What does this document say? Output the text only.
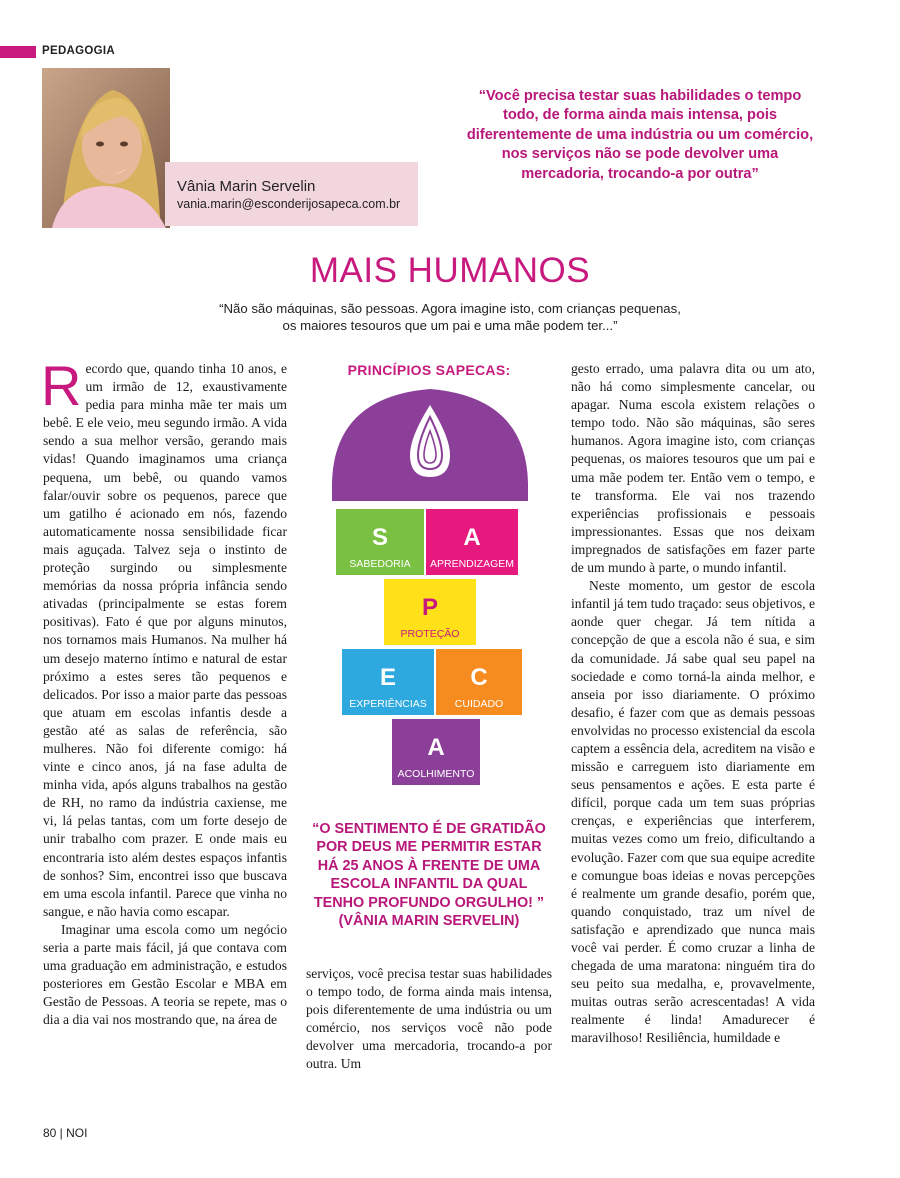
PEDAGOGIA
Vânia Marin Servelin
vania.marin@esconderijosapeca.com.br
“Você precisa testar suas habilidades o tempo todo, de forma ainda mais intensa, pois diferentemente de uma indústria ou um comércio, nos serviços não se pode devolver uma mercadoria, trocando-a por outra”
MAIS HUMANOS
“Não são máquinas, são pessoas. Agora imagine isto, com crianças pequenas,
os maiores tesouros que um pai e uma mãe podem ter...”

Recordo que, quando tinha 10 anos, e um irmão de 12, exaustivamente pedia para minha mãe ter mais um bebê. E ele veio, meu segundo irmão. A vida sendo a sua melhor versão, gerando mais vidas! Quando imaginamos uma criança pequena, um bebê, ou quando vamos falar/ouvir sobre os pequenos, parece que um gatilho é acionado em nós, fazendo automaticamente nossa sensibilidade ficar mais aguçada. Talvez seja o instinto de proteção surgindo ou simplesmente memórias da nossa própria infância sendo ativadas (principalmente se estas forem positivas). Fato é que por alguns minutos, nos tornamos mais Humanos. Na mulher há um desejo materno íntimo e natural de estar próximo a estes seres tão pequenos e delicados. Por isso a maior parte das pessoas que atuam em escolas infantis desde a gestão até as salas de referência, são mulheres. Não foi diferente comigo: há vinte e cinco anos, já na fase adulta de minha vida, após alguns trabalhos na gestão de RH, no ramo da indústria caxiense, me vi, lá pelas tantas, com um forte desejo de unir trabalho com prazer. E onde mais eu encontraria isto além destes espaços infantis de sonhos? Sim, encontrei isso que buscava em uma escola infantil. Parece que vinha no sangue, e não havia como escapar.

Imaginar uma escola como um negócio seria a parte mais fácil, já que contava com uma graduação em administração, e estudos posteriores em Gestão Escolar e MBA em Gestão de Pessoas. A teoria se repete, mas o dia a dia vai nos mostrando que, na área de

PRINCÍPIOS SAPECAS:
S
SABEDORIA
A
APRENDIZAGEM
P
PROTEÇÃO
E
EXPERIÊNCIAS
C
CUIDADO
A
ACOLHIMENTO
“O SENTIMENTO É DE GRATIDÃO POR DEUS ME PERMITIR ESTAR HÁ 25 ANOS À FRENTE DE UMA ESCOLA INFANTIL DA QUAL TENHO PROFUNDO ORGULHO! ” (VÂNIA MARIN SERVELIN)

serviços, você precisa testar suas habilidades o tempo todo, de forma ainda mais intensa, pois diferentemente de uma indústria ou um comércio, nos serviços você não pode devolver uma mercadoria, trocando-a por outra. Um

gesto errado, uma palavra dita ou um ato, não há como simplesmente cancelar, ou apagar. Numa escola existem relações o tempo todo. Não são máquinas, são seres humanos. Agora imagine isto, com crianças pequenas, os maiores tesouros que um pai e uma mãe podem ter. Então vem o tempo, e te transforma. Ele vai nos trazendo experiências profissionais e pessoais impressionantes. Essas que nos deixam impregnados de satisfações em fazer parte de um mundo à parte, o mundo infantil.

Neste momento, um gestor de escola infantil já tem tudo traçado: seus objetivos, e aonde quer chegar. Já tem nítida a concepção de que a escola não é sua, e sim da comunidade. Já sabe qual seu papel na sociedade e como torná-la ainda melhor, e anseia por isso diariamente. O próximo desafio, é fazer com que as demais pessoas envolvidas no processo existencial da escola captem a essência dela, acreditem na visão e missão e carreguem isto diariamente em seus pensamentos e ações. E esta parte é difícil, porque cada um tem suas próprias crenças, e experiências que interferem, muitas vezes como um freio, dificultando a evolução. Fazer com que sua equipe acredite e comungue boas ideias e novas percepções é realmente um grande desafio, porém que, quando conquistado, traz um nível de satisfação e aprendizado que nunca mais você vai perder. É como cruzar a linha de chegada de uma maratona: ninguém tira do seu peito sua medalha, e, provavelmente, muitas outras serão acrescentadas! A vida realmente é linda! Amadurecer é maravilhoso! Resiliência, humildade e

80 | NOI
